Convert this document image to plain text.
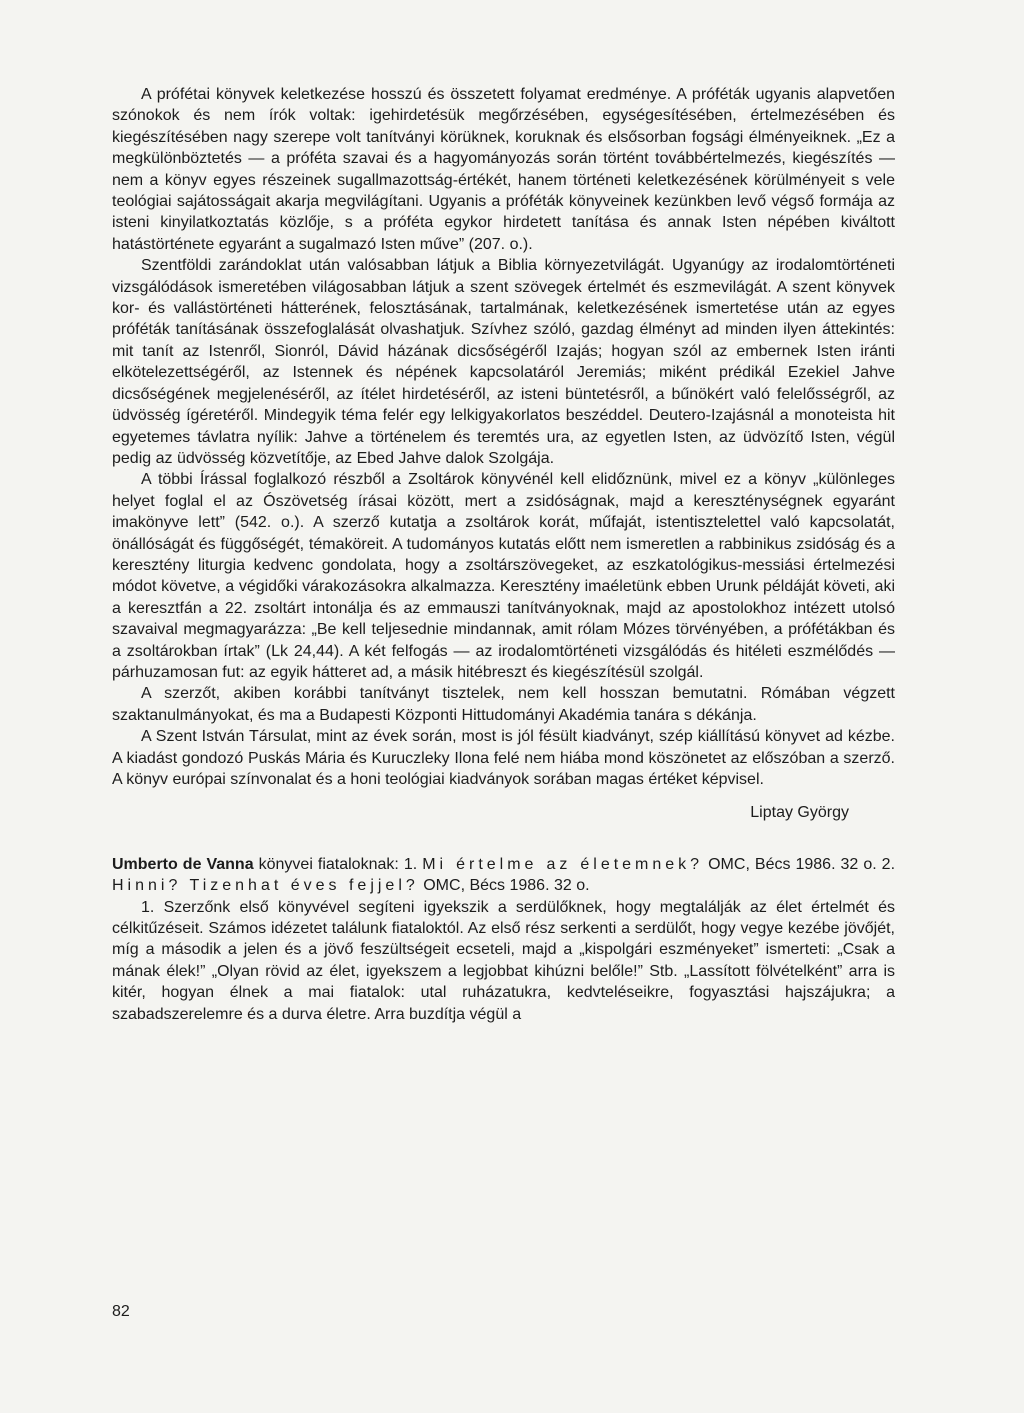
A prófétai könyvek keletkezése hosszú és összetett folyamat eredménye. A próféták ugyanis alapvetően szónokok és nem írók voltak: igehirdetésük megőrzésében, egységesítésében, értelmezésében és kiegészítésében nagy szerepe volt tanítványi körüknek, koruknak és elsősorban fogsági élményeiknek. „Ez a megkülönböztetés — a próféta szavai és a hagyományozás során történt továbbértelmezés, kiegészítés — nem a könyv egyes részeinek sugallmazottság-értékét, hanem történeti keletkezésének körülményeit s vele teológiai sajátosságait akarja megvilágítani. Ugyanis a próféták könyveinek kezünkben levő végső formája az isteni kinyilatkoztatás közlője, s a próféta egykor hirdetett tanítása és annak Isten népében kiváltott hatástörténete egyaránt a sugalmazó Isten műve” (207. o.).

Szentföldi zarándoklat után valósabban látjuk a Biblia környezetvilágát. Ugyanúgy az irodalomtörténeti vizsgálódások ismeretében világosabban látjuk a szent szövegek értelmét és eszmevilágát. A szent könyvek kor- és vallástörténeti hátterének, felosztásának, tartalmának, keletkezésének ismertetése után az egyes próféták tanításának összefoglalását olvashatjuk. Szívhez szóló, gazdag élményt ad minden ilyen áttekintés: mit tanít az Istenről, Sionról, Dávid házának dicsőségéről Izajás; hogyan szól az embernek Isten iránti elkötelezettségéről, az Istennek és népének kapcsolatáról Jeremiás; miként prédikál Ezekiel Jahve dicsőségének megjelenéséről, az ítélet hirdetéséről, az isteni büntetésről, a bűnökért való felelősségről, az üdvösség ígéretéről. Mindegyik téma felér egy lelkigyakorlatos beszéddel. Deutero-Izajásnál a monoteista hit egyetemes távlatra nyílik: Jahve a történelem és teremtés ura, az egyetlen Isten, az üdvözítő Isten, végül pedig az üdvösség közvetítője, az Ebed Jahve dalok Szolgája.

A többi Írással foglalkozó részből a Zsoltárok könyvénél kell elidőznünk, mivel ez a könyv „különleges helyet foglal el az Ószövetség írásai között, mert a zsidóságnak, majd a kereszténységnek egyaránt imakönyve lett” (542. o.). A szerző kutatja a zsoltárok korát, műfaját, istentisztelettel való kapcsolatát, önállóságát és függőségét, témaköreit. A tudományos kutatás előtt nem ismeretlen a rabbinikus zsidóság és a keresztény liturgia kedvenc gondolata, hogy a zsoltárszövegeket, az eszkatológikus-messiási értelmezési módot követve, a végidőki várakozásokra alkalmazza. Keresztény imaéletünk ebben Urunk példáját követi, aki a keresztfán a 22. zsoltárt intonálja és az emmauszi tanítványoknak, majd az apostolokhoz intézett utolsó szavaival megmagyarázza: „Be kell teljesednie mindannak, amit rólam Mózes törvényében, a prófétákban és a zsoltárokban írtak” (Lk 24,44). A két felfogás — az irodalomtörténeti vizsgálódás és hitéleti eszmélődés — párhuzamosan fut: az egyik hátteret ad, a másik hitébreszt és kiegészítésül szolgál.

A szerzőt, akiben korábbi tanítványt tisztelek, nem kell hosszan bemutatni. Rómában végzett szaktanulmányokat, és ma a Budapesti Központi Hittudományi Akadémia tanára s dékánja.

A Szent István Társulat, mint az évek során, most is jól fésült kiadványt, szép kiállítású könyvet ad kézbe. A kiadást gondozó Puskás Mária és Kuruczleky Ilona felé nem hiába mond köszönetet az előszóban a szerző. A könyv európai színvonalat és a honi teológiai kiadványok sorában magas értéket képvisel.

Liptay György

Umberto de Vanna könyvei fiataloknak: 1. Mi értelme az életemnek? OMC, Bécs 1986. 32 o. 2. Hinni? Tizenhat éves fejjel? OMC, Bécs 1986. 32 o.

1. Szerzőnk első könyvével segíteni igyekszik a serdülőknek, hogy megtalálják az élet értelmét és célkitűzéseit. Számos idézetet találunk fiataloktól. Az első rész serkenti a serdülőt, hogy vegye kezébe jövőjét, míg a második a jelen és a jövő feszültségeit ecseteli, majd a „kispolgári eszményeket” ismerteti: „Csak a mának élek!” „Olyan rövid az élet, igyekszem a legjobbat kihúzni belőle!” Stb. „Lassított fölvételként” arra is kitér, hogyan élnek a mai fiatalok: utal ruházatukra, kedvteléseikre, fogyasztási hajszájukra; a szabadszerelemre és a durva életre. Arra buzdítja végül a

82
